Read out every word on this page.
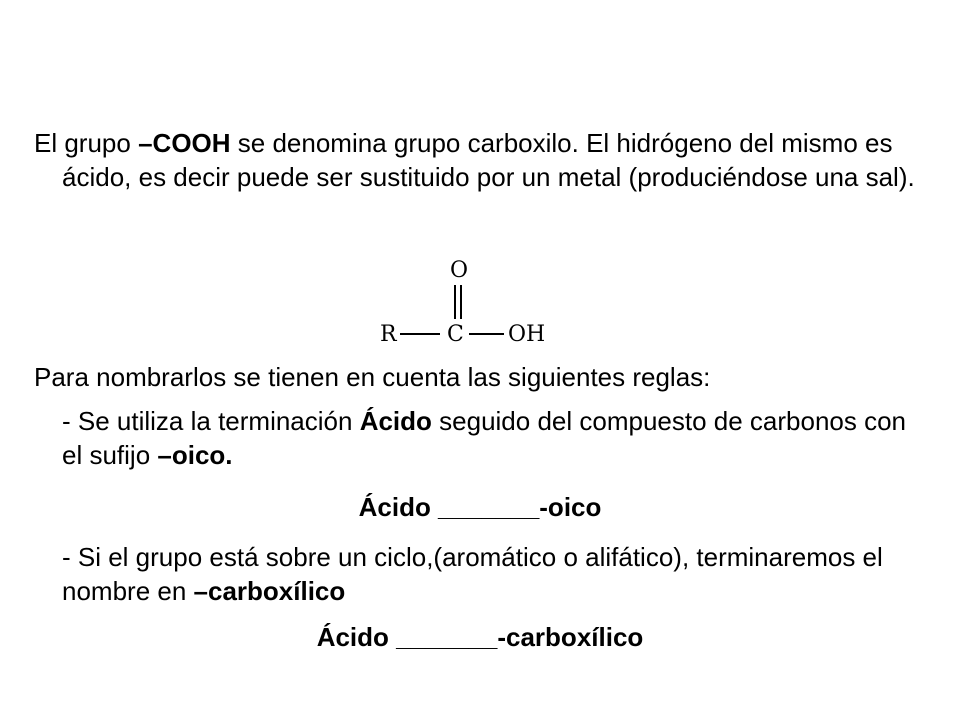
El grupo –COOH se denomina grupo carboxilo. El hidrógeno del mismo es ácido, es decir puede ser sustituido por un metal (produciéndose una sal).

O
R C OH

Para nombrarlos se tienen en cuenta las siguientes reglas:

- Se utiliza la terminación Ácido seguido del compuesto de carbonos con el sufijo –oico.

Ácido _______-oico

- Si el grupo está sobre un ciclo,(aromático o alifático), terminaremos el nombre en –carboxílico

Ácido _______-carboxílico
